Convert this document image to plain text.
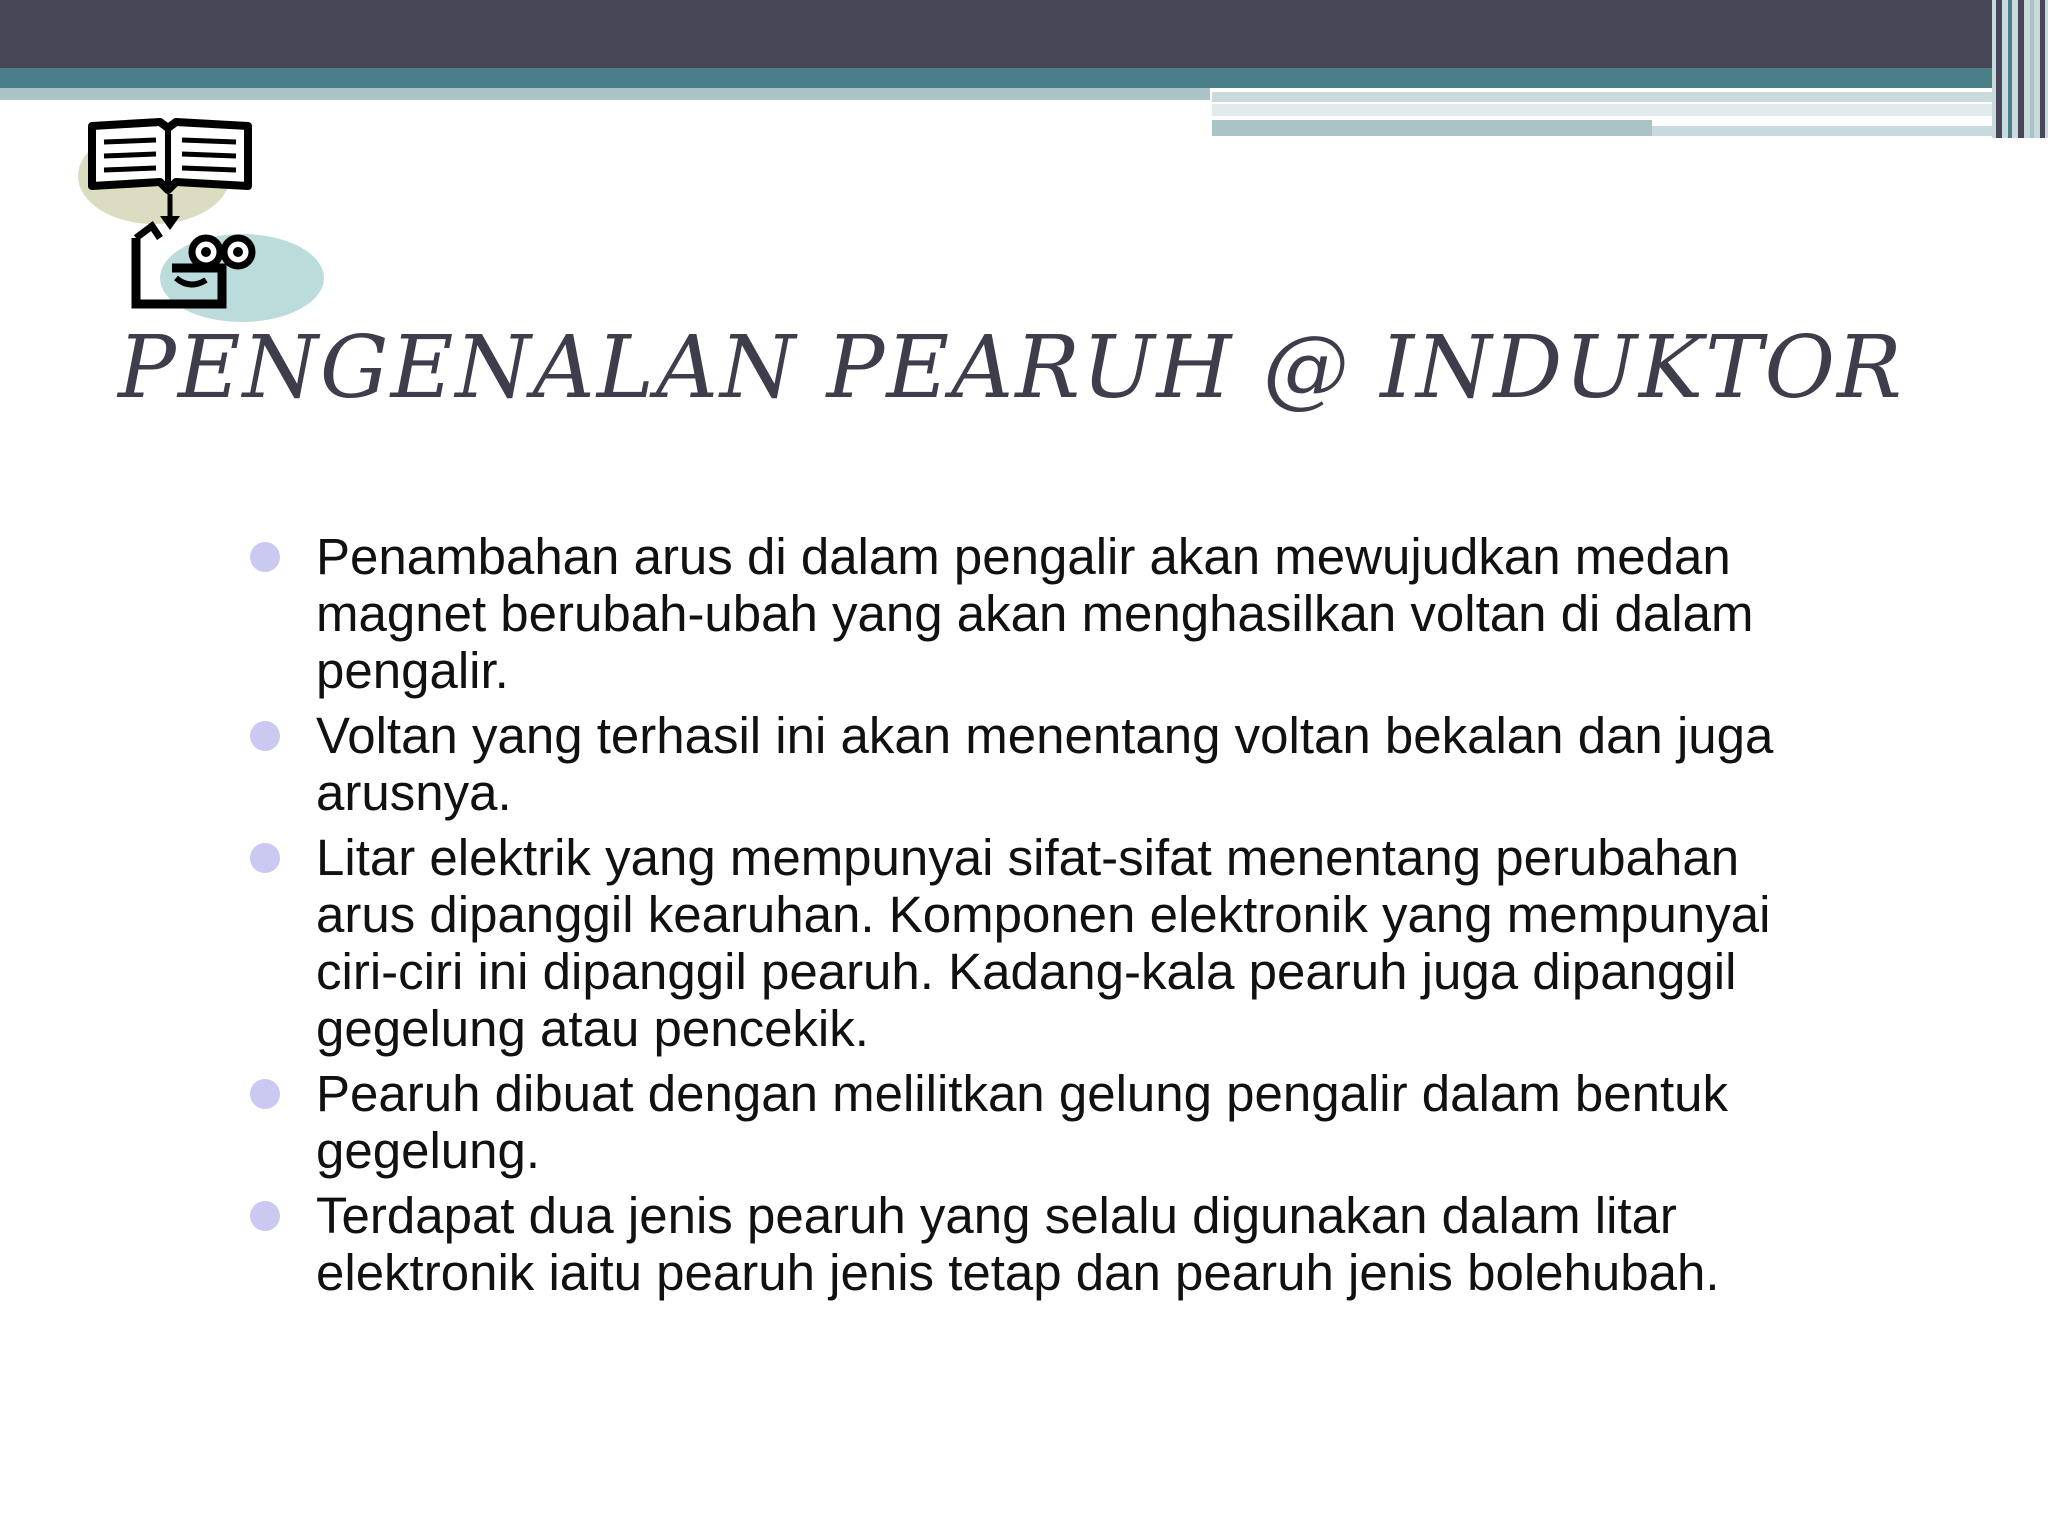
PENGENALAN PEARUH @ INDUKTOR
Penambahan arus di dalam pengalir akan mewujudkan medan magnet berubah-ubah yang akan menghasilkan voltan di dalam pengalir.
Voltan yang terhasil ini akan menentang voltan bekalan dan juga arusnya.
Litar elektrik yang mempunyai sifat-sifat menentang perubahan arus dipanggil kearuhan. Komponen elektronik yang mempunyai ciri-ciri ini dipanggil pearuh. Kadang-kala pearuh juga dipanggil gegelung atau pencekik.
Pearuh dibuat dengan melilitkan gelung pengalir dalam bentuk gegelung.
Terdapat dua jenis pearuh yang selalu digunakan dalam litar elektronik iaitu pearuh jenis tetap dan pearuh jenis bolehubah.
